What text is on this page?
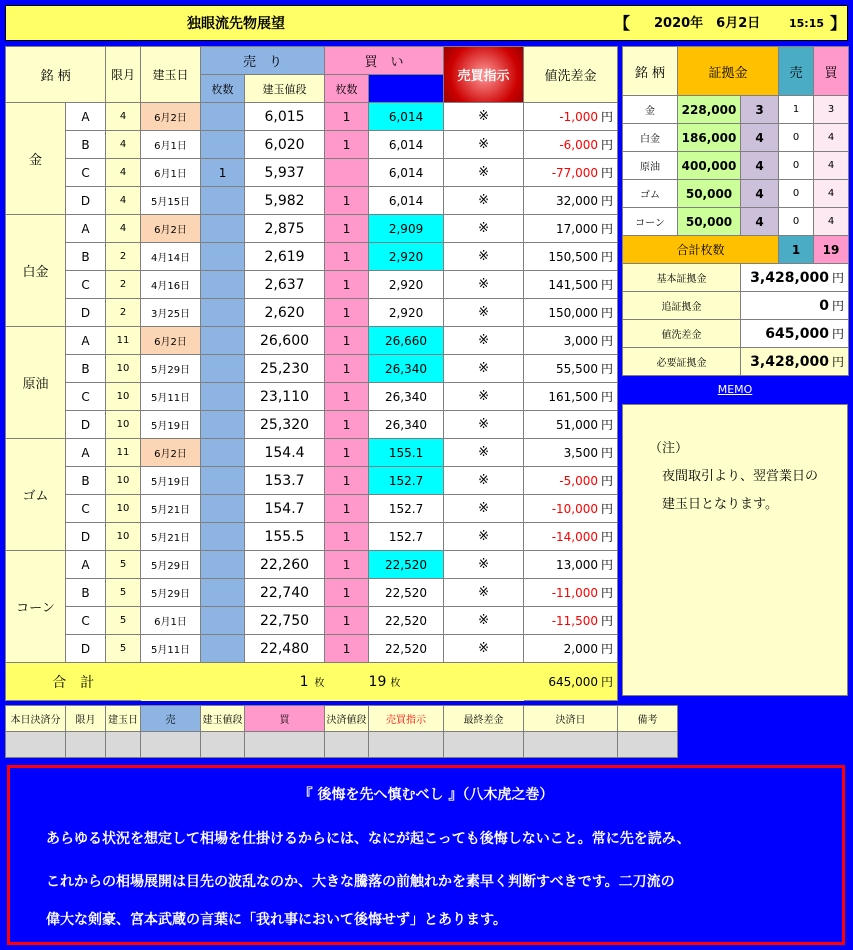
独眼流先物展望	【 2020年　6月2日	15:15 】
銘 柄		限月	建玉日	売　り		買　い		売買指示	値洗差金
				枚数	建玉値段	枚数			
金	A	4	6月2日		6,015	1	6,014	※	-1,000 円
	B	4	6月1日		6,020	1	6,014	※	-6,000 円
	C	4	6月1日	1	5,937		6,014	※	-77,000 円
	D	4	5月15日		5,982	1	6,014	※	32,000 円
白金	A	4	6月2日		2,875	1	2,909	※	17,000 円
	B	2	4月14日		2,619	1	2,920	※	150,500 円
	C	2	4月16日		2,637	1	2,920	※	141,500 円
	D	2	3月25日		2,620	1	2,920	※	150,000 円
原油	A	11	6月2日		26,600	1	26,660	※	3,000 円
	B	10	5月29日		25,230	1	26,340	※	55,500 円
	C	10	5月11日		23,110	1	26,340	※	161,500 円
	D	10	5月19日		25,320	1	26,340	※	51,000 円
ゴム	A	11	6月2日		154.4	1	155.1	※	3,500 円
	B	10	5月19日		153.7	1	152.7	※	-5,000 円
	C	10	5月21日		154.7	1	152.7	※	-10,000 円
	D	10	5月21日		155.5	1	152.7	※	-14,000 円
コーン	A	5	5月29日		22,260	1	22,520	※	13,000 円
	B	5	5月29日		22,740	1	22,520	※	-11,000 円
	C	5	6月1日		22,750	1	22,520	※	-11,500 円
	D	5	5月11日		22,480	1	22,520	※	2,000 円
合　計					1 枚		19 枚		645,000 円
銘 柄	証拠金		売	買
金	228,000	3	1	3
白金	186,000	4	0	4
原油	400,000	4	0	4
ゴム	50,000	4	0	4
コーン	50,000	4	0	4
合計枚数			1	19
基本証拠金		3,428,000 円		
追証拠金		0 円		
値洗差金		645,000 円		
必要証拠金		3,428,000 円		
MEMO
（注）
　夜間取引より、翌営業日の
　建玉日となります。
本日決済分	限月	建玉日	売	建玉値段	買	決済値段	売買指示	最終差金	決済日	備考

『 後悔を先へ慎むべし 』（八木虎之巻）
あらゆる状況を想定して相場を仕掛けるからには、なにが起こっても後悔しないこと。常に先を読み、
これからの相場展開は目先の波乱なのか、大きな騰落の前触れかを素早く判断すべきです。二刀流の
偉大な剣豪、宮本武蔵の言葉に「我れ事において後悔せず」とあります。
